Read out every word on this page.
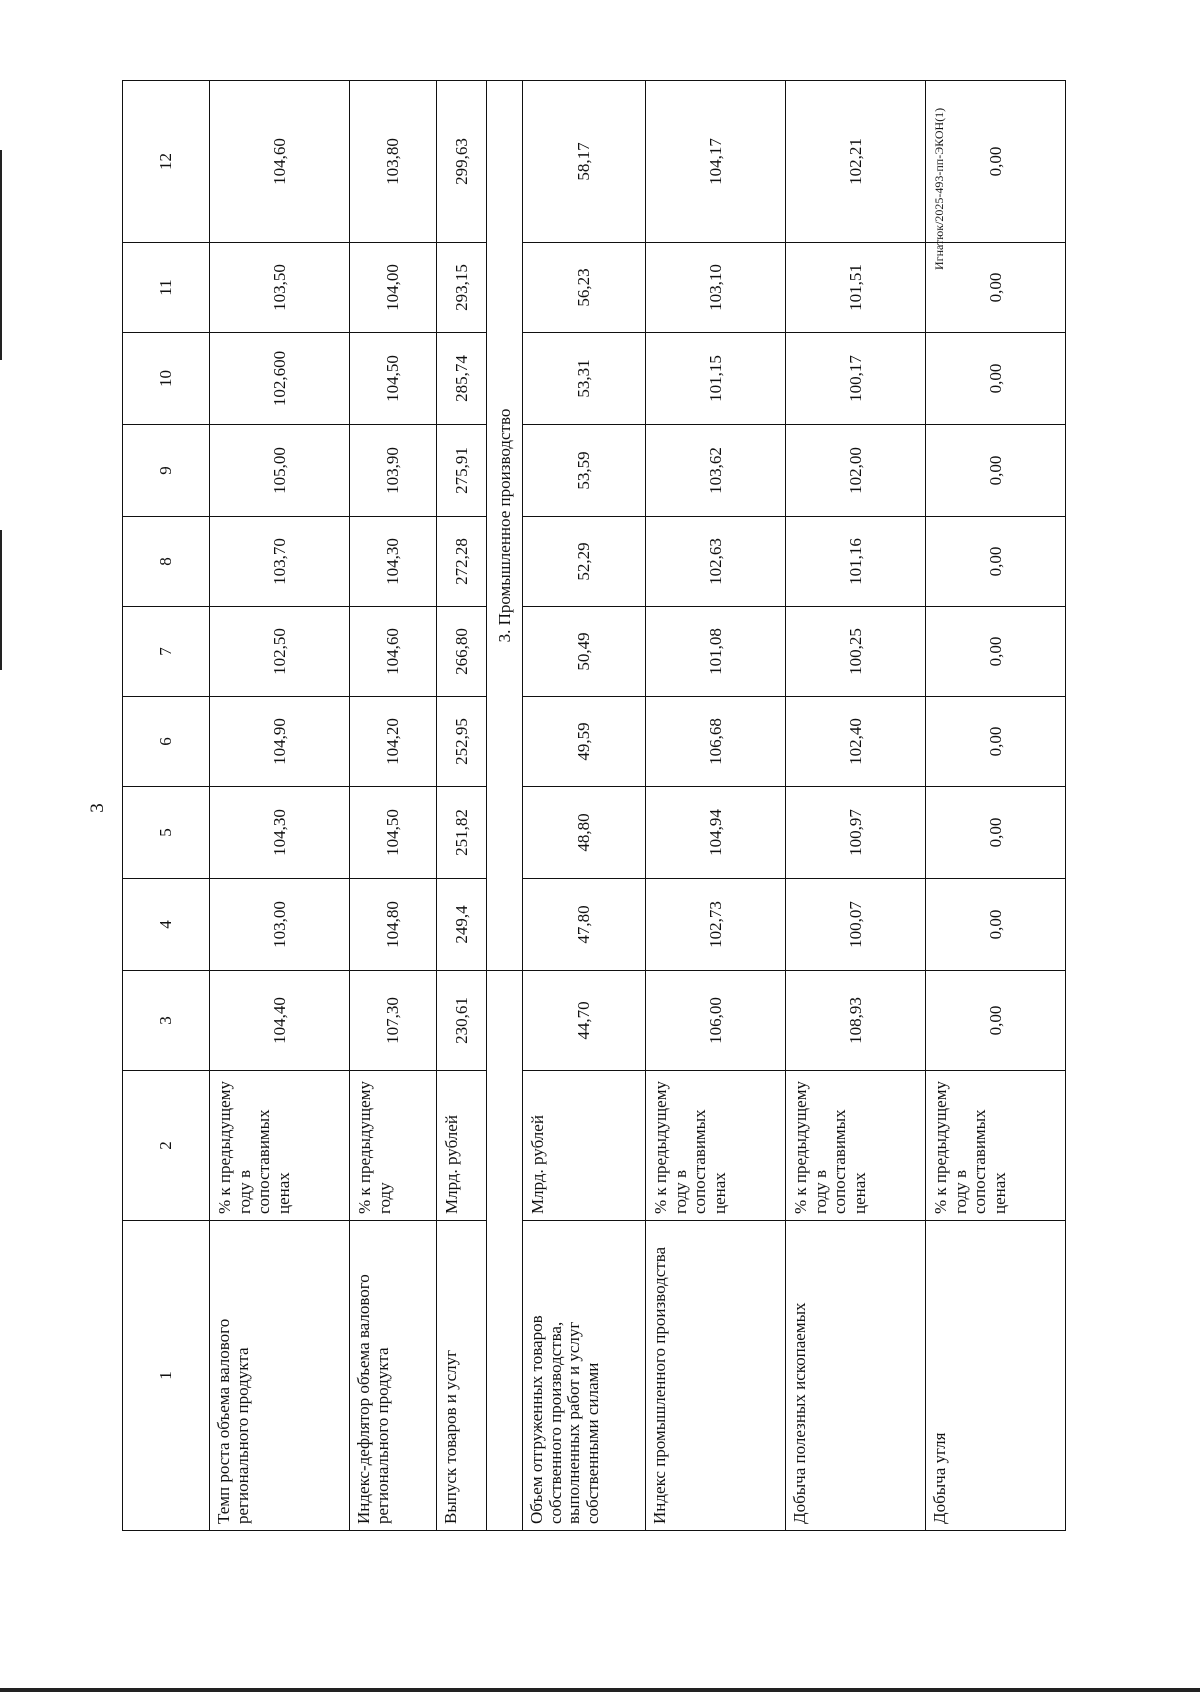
3
Игнатюк/2025-493-пп-ЭКОН(1)
1	2	3	4	5	6	7	8	9	10	11	12
Темп роста объема валового регионального продукта	% к предыдущему году в сопоставимых ценах	104,40	103,00	104,30	104,90	102,50	103,70	105,00	102,600	103,50	104,60
Индекс-дефлятор объема валового регионального продукта	% к предыдущему году	107,30	104,80	104,50	104,20	104,60	104,30	103,90	104,50	104,00	103,80
Выпуск товаров и услуг	Млрд. рублей	230,61	249,4	251,82	252,95	266,80	272,28	275,91	285,74	293,15	299,63
			3. Промышленное производство								
Объем отгруженных товаров собственного производства, выполненных работ и услуг собственными силами	Млрд. рублей	44,70	47,80	48,80	49,59	50,49	52,29	53,59	53,31	56,23	58,17
Индекс промышленного производства	% к предыдущему году в сопоставимых ценах	106,00	102,73	104,94	106,68	101,08	102,63	103,62	101,15	103,10	104,17
Добыча полезных ископаемых	% к предыдущему году в сопоставимых ценах	108,93	100,07	100,97	102,40	100,25	101,16	102,00	100,17	101,51	102,21
Добыча угля	% к предыдущему году в сопоставимых ценах	0,00	0,00	0,00	0,00	0,00	0,00	0,00	0,00	0,00	0,00
